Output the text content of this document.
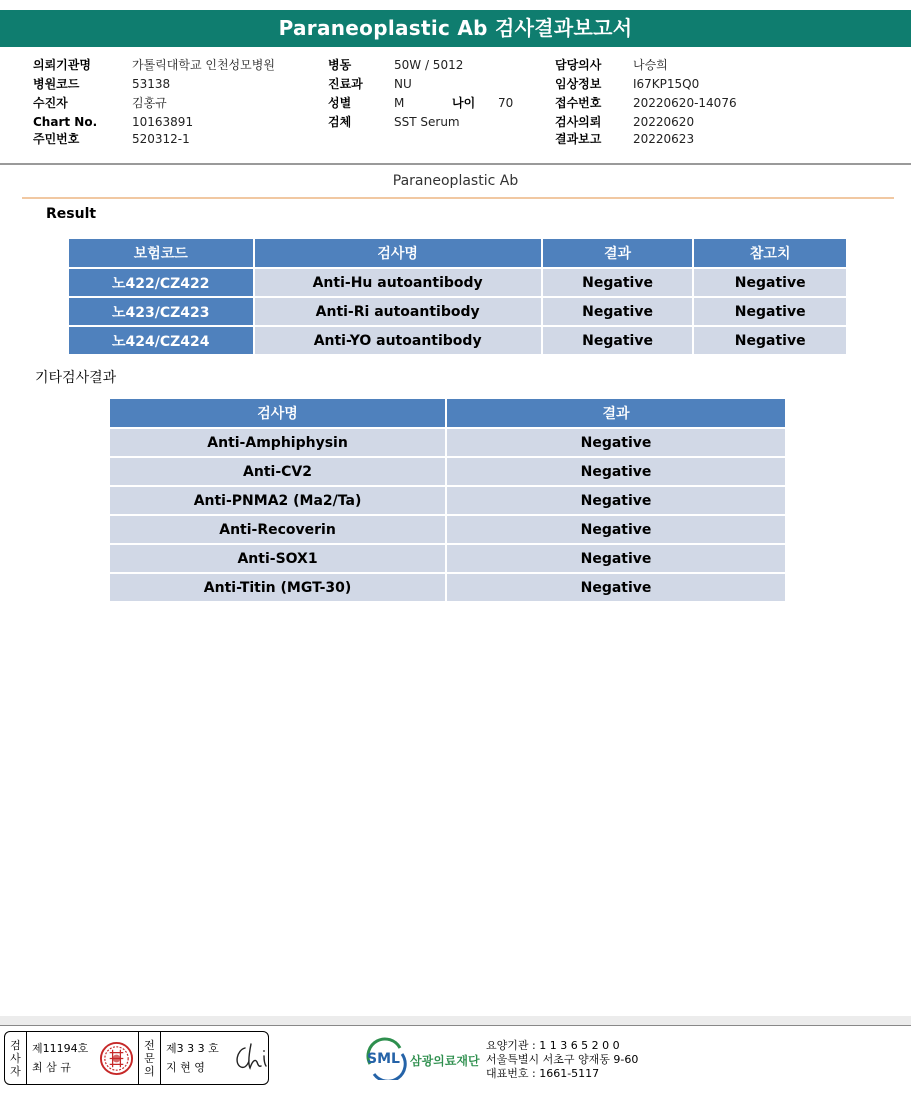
Paraneoplastic Ab 검사결과보고서
의뢰기관명	가톨릭대학교 인천성모병원
병원코드	53138
수진자	김홍규
Chart No.	10163891
주민번호	520312-1
병동	50W / 5012
진료과	NU
성별	M	나이	70
검체	SST Serum
담당의사	나승희
임상정보	I67KP15Q0
접수번호	20220620-14076
검사의뢰	20220620
결과보고	20220623
Paraneoplastic Ab
Result
보험코드	검사명	결과	참고치
노422/CZ422	Anti-Hu autoantibody	Negative	Negative
노423/CZ423	Anti-Ri autoantibody	Negative	Negative
노424/CZ424	Anti-YO autoantibody	Negative	Negative
기타검사결과
검사명	결과
Anti-Amphiphysin	Negative
Anti-CV2	Negative
Anti-PNMA2 (Ma2/Ta)	Negative
Anti-Recoverin	Negative
Anti-SOX1	Negative
Anti-Titin (MGT-30)	Negative
검
사
자
제11194호
최 삼 규
전
문
의
제3 3 3 호
지 현 영
SML 삼광의료재단
요양기관 : 1 1 3 6 5 2 0 0
서울특별시 서초구 양재동 9-60
대표번호 : 1661-5117
